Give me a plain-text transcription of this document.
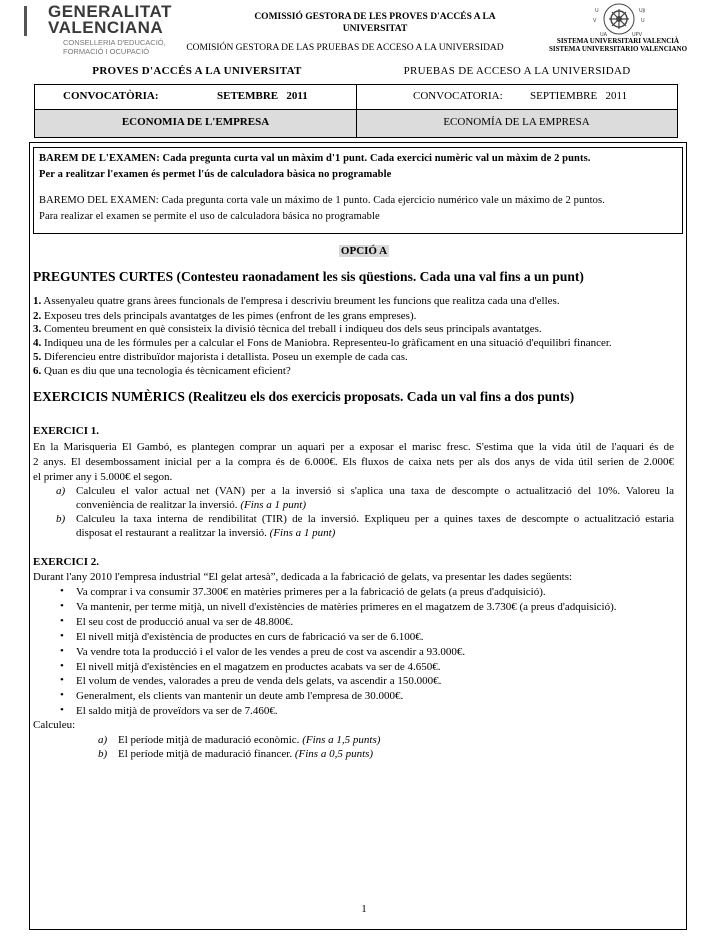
GENERALITAT
VALENCIANA
CONSELLERIA D'EDUCACIÓ,
FORMACIÓ I OCUPACIÓ
COMISSIÓ GESTORA DE LES PROVES D'ACCÉS A LA
UNIVERSITAT
COMISIÓN GESTORA DE LAS PRUEBAS DE ACCESO A LA UNIVERSIDAD
U
V
Uji
U
UA	UPV
SISTEMA UNIVERSITARI VALENCIÀ
SISTEMA UNIVERSITARIO VALENCIANO
PROVES D'ACCÉS A LA UNIVERSITAT	PRUEBAS DE ACCESO A LA UNIVERSIDAD
CONVOCATÒRIA:	SETEMBRE   2011	CONVOCATORIA: SEPTIEMBRE   2011
ECONOMIA DE L'EMPRESA	ECONOMÍA DE LA EMPRESA

BAREM DE L'EXAMEN: Cada pregunta curta val un màxim d'1 punt. Cada exercici numèric val un màxim de 2 punts.

Per a realitzar l'examen és permet l'ús de calculadora bàsica no programable

BAREMO DEL EXAMEN: Cada pregunta corta vale un máximo de 1 punto. Cada ejercicio numérico vale un máximo de 2 puntos.

Para realizar el examen se permite el uso de calculadora básica no programable

OPCIÓ A
PREGUNTES CURTES (Contesteu raonadament les sis qüestions. Cada una val fins a un punt)
1. Assenyaleu quatre grans àrees funcionals de l'empresa i descriviu breument les funcions que realitza cada una d'elles.
2. Exposeu tres dels principals avantatges de les pimes (enfront de les grans empreses).
3. Comenteu breument en què consisteix la divisió tècnica del treball i indiqueu dos dels seus principals avantatges.
4. Indiqueu una de les fórmules per a calcular el Fons de Maniobra. Representeu-lo gràficament en una situació d'equilibri financer.
5. Diferencieu entre distribuïdor majorista i detallista. Poseu un exemple de cada cas.
6. Quan es diu que una tecnologia és tècnicament eficient?
EXERCICIS NUMÈRICS (Realitzeu els dos exercicis proposats. Cada un val fins a dos punts)
EXERCICI 1.
En la Marisqueria El Gambó, es plantegen comprar un aquari per a exposar el marisc fresc. S'estima que la vida útil de l'aquari és de
2 anys. El desembossament inicial per a la compra és de 6.000€. Els fluxos de caixa nets per als dos anys de vida útil serien de 2.000€
el primer any i 5.000€ el segon.
a) Calculeu el valor actual net (VAN) per a la inversió si s'aplica una taxa de descompte o actualització del 10%. Valoreu la
conveniència de realitzar la inversió. (Fins a 1 punt)
b) Calculeu la taxa interna de rendibilitat (TIR) de la inversió. Expliqueu per a quines taxes de descompte o actualització estaria
disposat el restaurant a realitzar la inversió. (Fins a 1 punt)
EXERCICI 2.
Durant l'any 2010 l'empresa industrial “El gelat artesà”, dedicada a la fabricació de gelats, va presentar les dades següents:
• Va comprar i va consumir 37.300€ en matèries primeres per a la fabricació de gelats (a preus d'adquisició).
• Va mantenir, per terme mitjà, un nivell d'existències de matèries primeres en el magatzem de 3.730€ (a preus d'adquisició).
• El seu cost de producció anual va ser de 48.800€.
• El nivell mitjà d'existència de productes en curs de fabricació va ser de 6.100€.
• Va vendre tota la producció i el valor de les vendes a preu de cost va ascendir a 93.000€.
• El nivell mitjà d'existències en el magatzem en productes acabats va ser de 4.650€.
• El volum de vendes, valorades a preu de venda dels gelats, va ascendir a 150.000€.
• Generalment, els clients van mantenir un deute amb l'empresa de 30.000€.
• El saldo mitjà de proveïdors va ser de 7.460€.
Calculeu:
a) El període mitjà de maduració econòmic. (Fins a 1,5 punts)
b) El període mitjà de maduració financer. (Fins a 0,5 punts)
1
